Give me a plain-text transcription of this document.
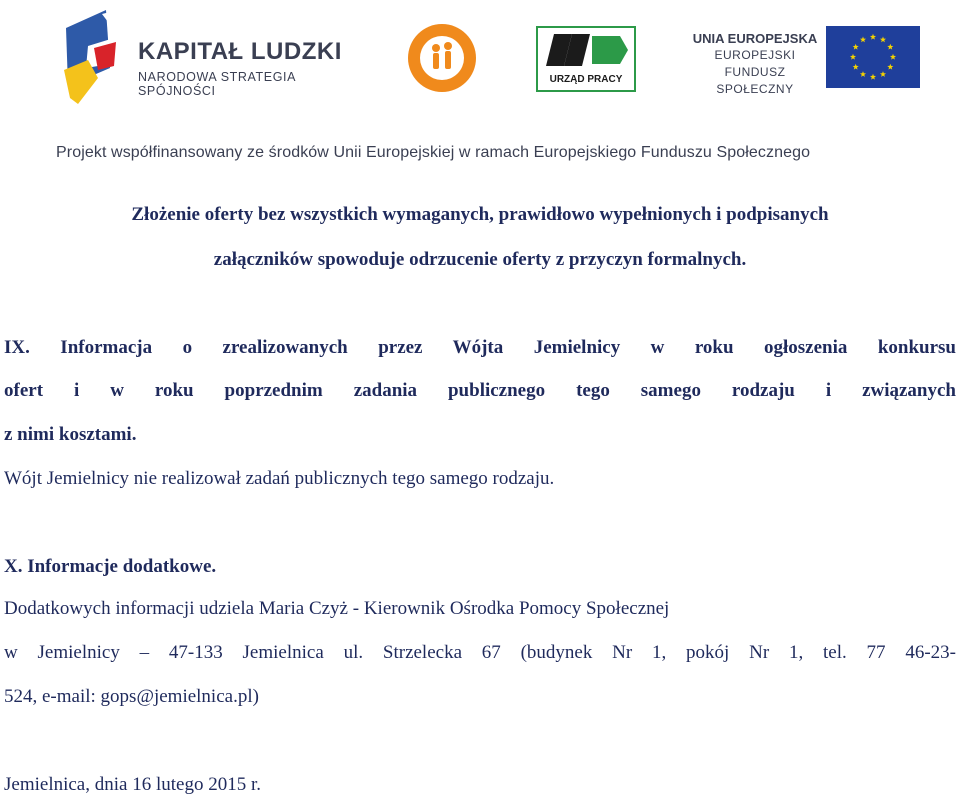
KAPITAŁ LUDZKI
NARODOWA STRATEGIA SPÓJNOŚCI
URZĄD PRACY
UNIA EUROPEJSKA
EUROPEJSKI
FUNDUSZ SPOŁECZNY
Projekt współfinansowany ze środków Unii Europejskiej w ramach Europejskiego Funduszu Społecznego
Złożenie oferty bez wszystkich wymaganych, prawidłowo wypełnionych i podpisanych
załączników spowoduje odrzucenie oferty z przyczyn formalnych.
IX. Informacja o zrealizowanych przez Wójta Jemielnicy w roku ogłoszenia konkursu
ofert i w roku poprzednim zadania publicznego tego samego rodzaju i związanych
z nimi kosztami.
Wójt Jemielnicy nie realizował zadań publicznych tego samego rodzaju.
X. Informacje dodatkowe.
Dodatkowych informacji udziela Maria Czyż - Kierownik Ośrodka Pomocy Społecznej
w Jemielnicy – 47-133 Jemielnica ul. Strzelecka 67 (budynek Nr 1, pokój Nr 1, tel. 77 46-23-
524, e-mail: gops@jemielnica.pl)
Jemielnica, dnia 16 lutego 2015 r.
